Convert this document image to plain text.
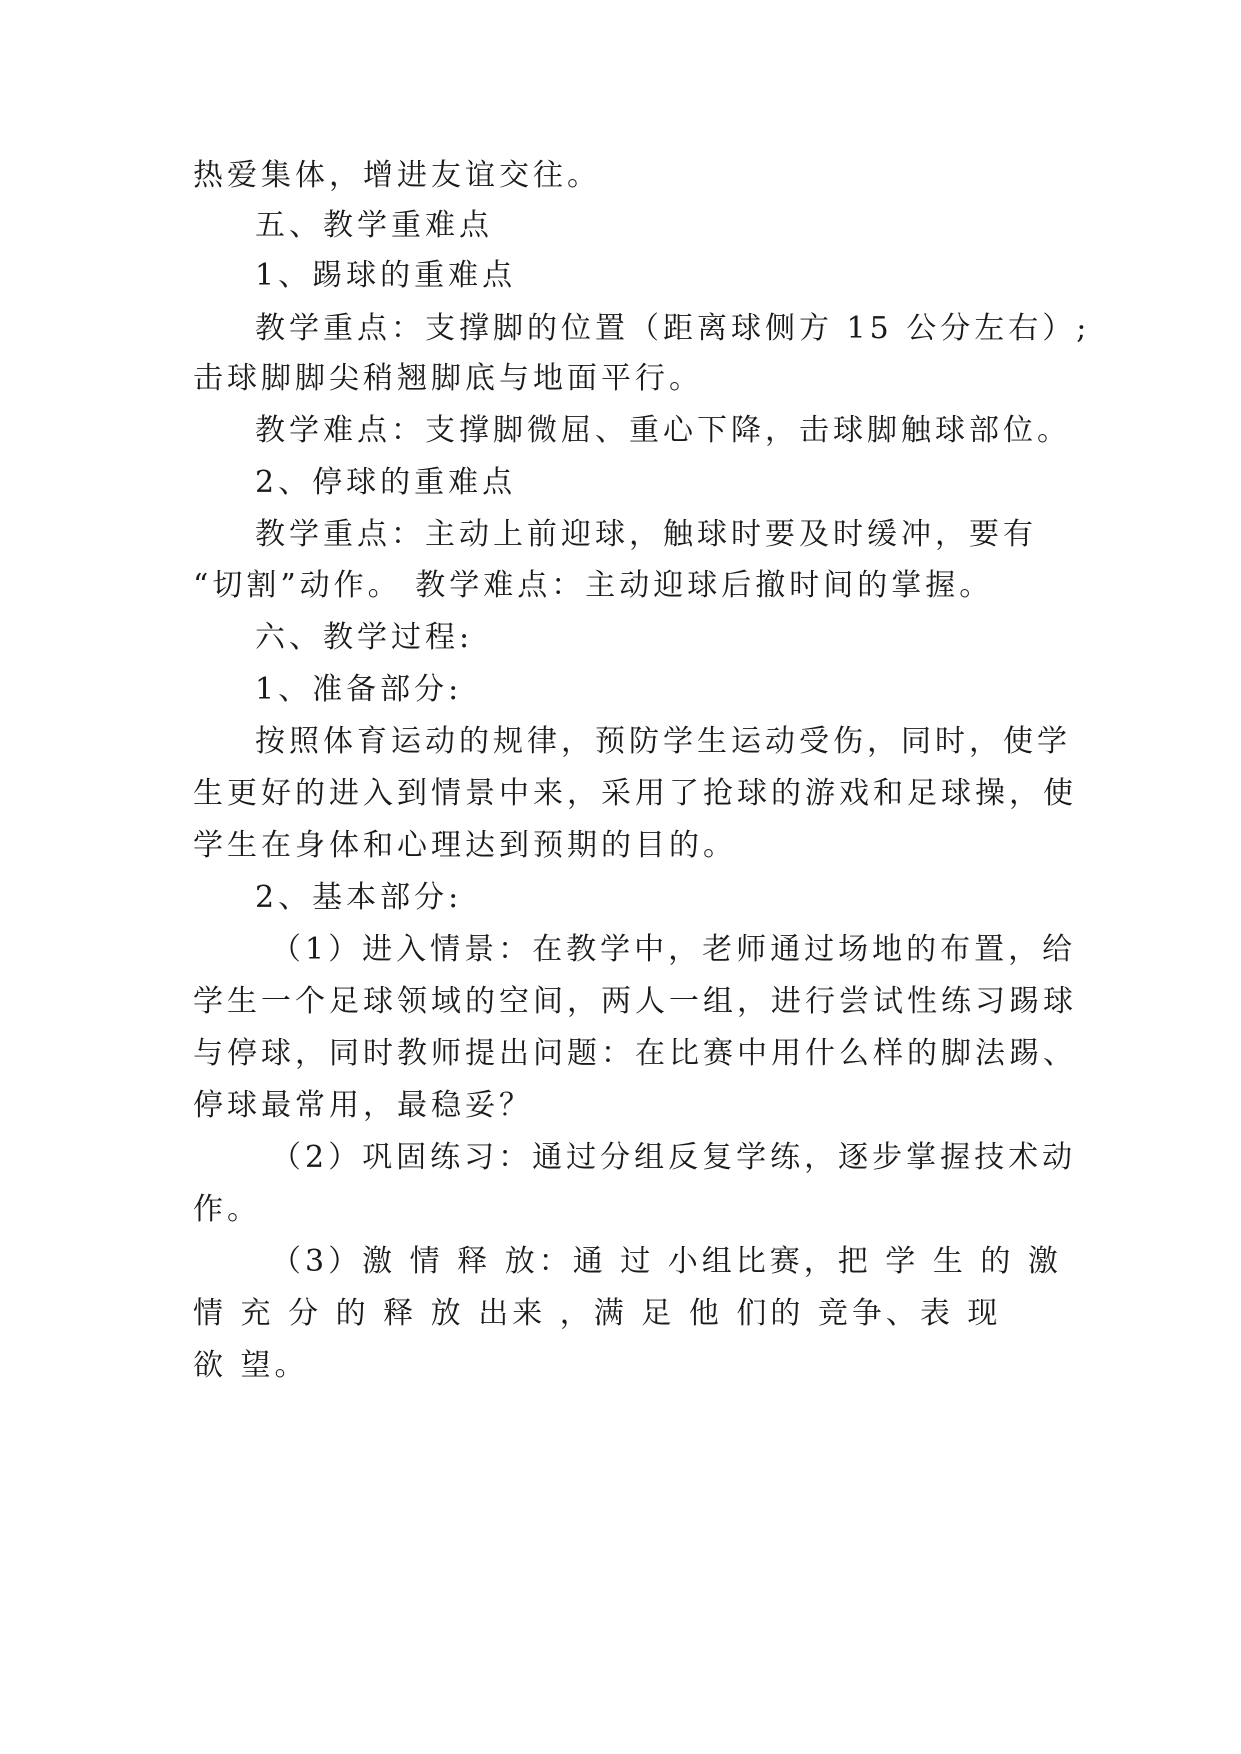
热爱集体，增进友谊交往。
五、教学重难点
1、踢球的重难点
教学重点：支撑脚的位置（距离球侧方 15 公分左右）;
击球脚脚尖稍翘脚底与地面平行。
教学难点：支撑脚微屈、重心下降，击球脚触球部位。
2、停球的重难点
教学重点：主动上前迎球，触球时要及时缓冲，要有
“切割”动作。 教学难点：主动迎球后撤时间的掌握。
六、教学过程:
1、准备部分:
按照体育运动的规律，预防学生运动受伤，同时，使学
生更好的进入到情景中来，采用了抢球的游戏和足球操，使
学生在身体和心理达到预期的目的。
2、基本部分:
（1）进入情景：在教学中，老师通过场地的布置，给
学生一个足球领域的空间，两人一组，进行尝试性练习踢球
与停球，同时教师提出问题：在比赛中用什么样的脚法踢、
停球最常用，最稳妥？
（2）巩固练习：通过分组反复学练，逐步掌握技术动
作。
（3）激 情 释 放：通 过 小组比赛，把 学 生 的 激
情 充 分 的 释 放 出来 ，满 足 他 们的 竞争、表 现
欲 望。
